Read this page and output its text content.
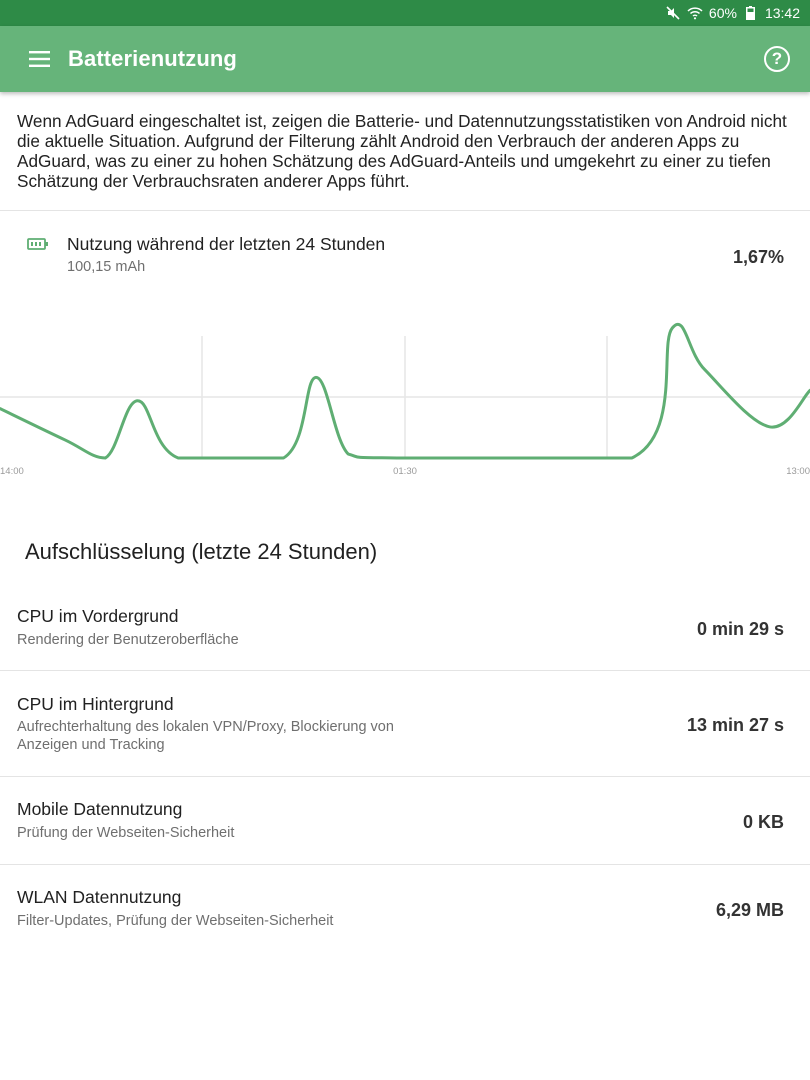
60% 13:42
Batterienutzung	?
Wenn AdGuard eingeschaltet ist, zeigen die Batterie- und Datennutzungsstatistiken von Android nicht die aktuelle Situation. Aufgrund der Filterung zählt Android den Verbrauch der anderen Apps zu AdGuard, was zu einer zu hohen Schätzung des AdGuard-Anteils und umgekehrt zu einer zu tiefen Schätzung der Verbrauchsraten anderer Apps führt.
Nutzung während der letzten 24 Stunden
100,15 mAh	1,67%
14:00	01:30	13:00
Aufschlüsselung (letzte 24 Stunden)
CPU im Vordergrund
Rendering der Benutzeroberfläche
0 min 29 s
CPU im Hintergrund
Aufrechterhaltung des lokalen VPN/Proxy, Blockierung von Anzeigen und Tracking
13 min 27 s
Mobile Datennutzung
Prüfung der Webseiten-Sicherheit
0 KB
WLAN Datennutzung
Filter-Updates, Prüfung der Webseiten-Sicherheit
6,29 MB
